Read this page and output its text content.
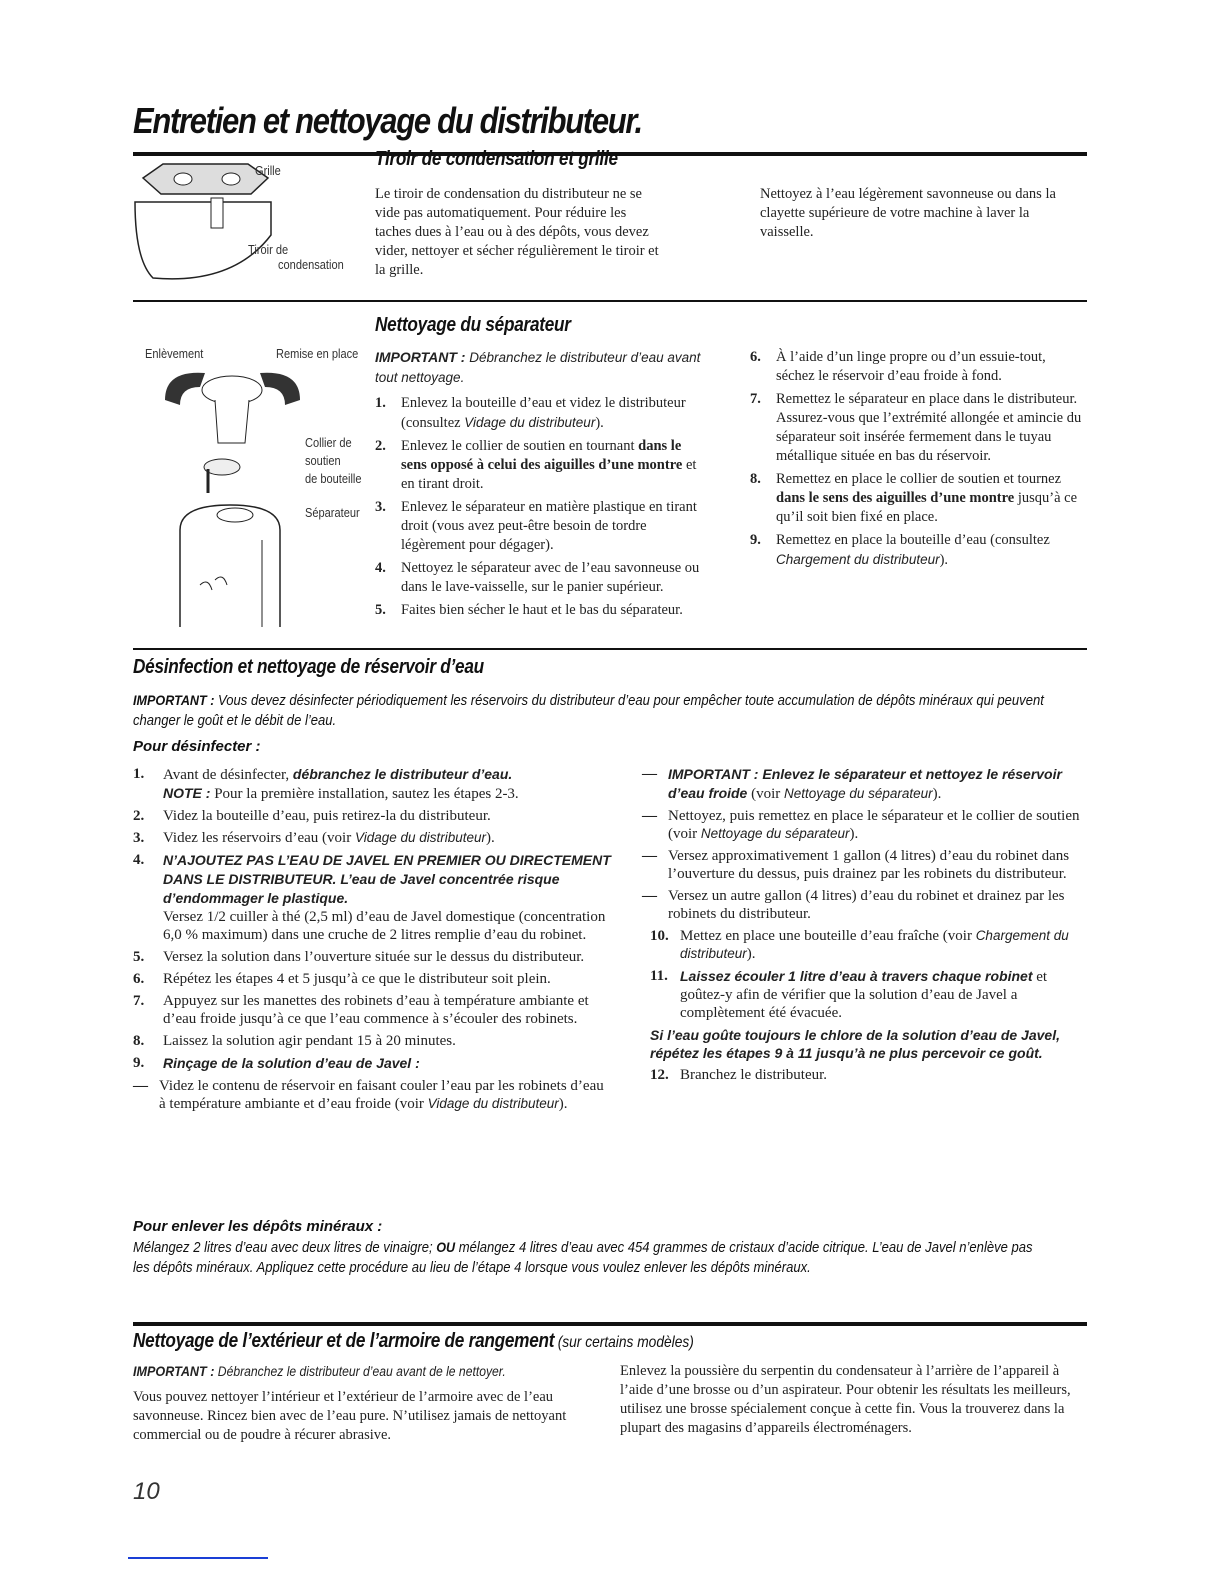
Entretien et nettoyage du distributeur.
Grille
Tiroir de
condensation
Tiroir de condensation et grille
Le tiroir de condensation du distributeur ne se vide pas automatiquement. Pour réduire les taches dues à l’eau ou à des dépôts, vous devez vider, nettoyer et sécher régulièrement le tiroir et la grille.
Nettoyez à l’eau légèrement savonneuse ou dans la clayette supérieure de votre machine à laver la vaisselle.
Nettoyage du séparateur
Enlèvement	Remise en place
Collier de
soutien
de bouteille
Séparateur
IMPORTANT : Débranchez le distributeur d’eau avant tout nettoyage.
1. Enlevez la bouteille d’eau et videz le distributeur (consultez Vidage du distributeur).
2. Enlevez le collier de soutien en tournant dans le sens opposé à celui des aiguilles d’une montre et en tirant droit.
3. Enlevez le séparateur en matière plastique en tirant droit (vous avez peut-être besoin de tordre légèrement pour dégager).
4. Nettoyez le séparateur avec de l’eau savonneuse ou dans le lave-vaisselle, sur le panier supérieur.
5. Faites bien sécher le haut et le bas du séparateur.
6. À l’aide d’un linge propre ou d’un essuie-tout, séchez le réservoir d’eau froide à fond.
7. Remettez le séparateur en place dans le distributeur. Assurez-vous que l’extrémité allongée et amincie du séparateur soit insérée fermement dans le tuyau métallique située en bas du réservoir.
8. Remettez en place le collier de soutien et tournez dans le sens des aiguilles d’une montre jusqu’à ce qu’il soit bien fixé en place.
9. Remettez en place la bouteille d’eau (consultez Chargement du distributeur).
Désinfection et nettoyage de réservoir d’eau
IMPORTANT : Vous devez désinfecter périodiquement les réservoirs du distributeur d’eau pour empêcher toute accumulation de dépôts minéraux qui peuvent changer le goût et le débit de l’eau.
Pour désinfecter :
1. Avant de désinfecter, débranchez le distributeur d’eau.
NOTE : Pour la première installation, sautez les étapes 2-3.
2. Videz la bouteille d’eau, puis retirez-la du distributeur.
3. Videz les réservoirs d’eau (voir Vidage du distributeur).
4. N’AJOUTEZ PAS L’EAU DE JAVEL EN PREMIER OU DIRECTEMENT DANS LE DISTRIBUTEUR. L’eau de Javel concentrée risque d’endommager le plastique.
Versez 1/2 cuiller à thé (2,5 ml) d’eau de Javel domestique (concentration 6,0 % maximum) dans une cruche de 2 litres remplie d’eau du robinet.
5. Versez la solution dans l’ouverture située sur le dessus du distributeur.
6. Répétez les étapes 4 et 5 jusqu’à ce que le distributeur soit plein.
7. Appuyez sur les manettes des robinets d’eau à température ambiante et d’eau froide jusqu’à ce que l’eau commence à s’écouler des robinets.
8. Laissez la solution agir pendant 15 à 20 minutes.
9. Rinçage de la solution d’eau de Javel :
— Videz le contenu de réservoir en faisant couler l’eau par les robinets d’eau à température ambiante et d’eau froide (voir Vidage du distributeur).
— IMPORTANT : Enlevez le séparateur et nettoyez le réservoir d’eau froide (voir Nettoyage du séparateur).
— Nettoyez, puis remettez en place le séparateur et le collier de soutien (voir Nettoyage du séparateur).
— Versez approximativement 1 gallon (4 litres) d’eau du robinet dans l’ouverture du dessus, puis drainez par les robinets du distributeur.
— Versez un autre gallon (4 litres) d’eau du robinet et drainez par les robinets du distributeur.
10. Mettez en place une bouteille d’eau fraîche (voir Chargement du distributeur).
11. Laissez écouler 1 litre d’eau à travers chaque robinet et goûtez-y afin de vérifier que la solution d’eau de Javel a complètement été évacuée.
Si l’eau goûte toujours le chlore de la solution d’eau de Javel, répétez les étapes 9 à 11 jusqu’à ne plus percevoir ce goût.
12. Branchez le distributeur.
Pour enlever les dépôts minéraux :
Mélangez 2 litres d’eau avec deux litres de vinaigre; OU mélangez 4 litres d’eau avec 454 grammes de cristaux d’acide citrique. L’eau de Javel n’enlève pas les dépôts minéraux. Appliquez cette procédure au lieu de l’étape 4 lorsque vous voulez enlever les dépôts minéraux.
Nettoyage de l’extérieur et de l’armoire de rangement (sur certains modèles)
IMPORTANT : Débranchez le distributeur d’eau avant de le nettoyer.
Vous pouvez nettoyer l’intérieur et l’extérieur de l’armoire avec de l’eau savonneuse. Rincez bien avec de l’eau pure. N’utilisez jamais de nettoyant commercial ou de poudre à récurer abrasive.
Enlevez la poussière du serpentin du condensateur à l’arrière de l’appareil à l’aide d’une brosse ou d’un aspirateur. Pour obtenir les résultats les meilleurs, utilisez une brosse spécialement conçue à cette fin. Vous la trouverez dans la plupart des magasins d’appareils électroménagers.
10
